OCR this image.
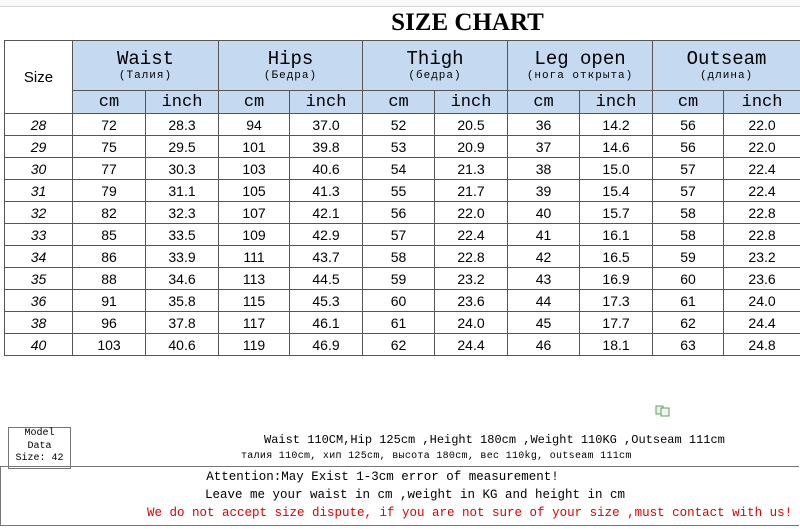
SIZE CHART
Size	Waist
(Талия)		Hips
(Бедра)		Thigh
(бедра)		Leg open
(нога открыта)		Outseam
(длина)	

	cm	inch	cm	inch	cm	inch	cm	inch	cm	inch
28	72	28.3	94	37.0	52	20.5	36	14.2	56	22.0
29	75	29.5	101	39.8	53	20.9	37	14.6	56	22.0
30	77	30.3	103	40.6	54	21.3	38	15.0	57	22.4
31	79	31.1	105	41.3	55	21.7	39	15.4	57	22.4
32	82	32.3	107	42.1	56	22.0	40	15.7	58	22.8
33	85	33.5	109	42.9	57	22.4	41	16.1	58	22.8
34	86	33.9	111	43.7	58	22.8	42	16.5	59	23.2
35	88	34.6	113	44.5	59	23.2	43	16.9	60	23.6
36	91	35.8	115	45.3	60	23.6	44	17.3	61	24.0
38	96	37.8	117	46.1	61	24.0	45	17.7	62	24.4
40	103	40.6	119	46.9	62	24.4	46	18.1	63	24.8
Model
Data
Size: 42
Waist 110CM,Hip 125cm ,Height 180cm ,Weight 110KG ,Outseam 111cm
талия 110cm, хип 125cm, высота 180cm, вес 110kg, outseam 111cm
Attention:May Exist 1-3cm error of measurement!
Leave me your waist in cm ,weight in KG and height in cm
We do not accept size dispute, if you are not sure of your size ,must contact with us!
